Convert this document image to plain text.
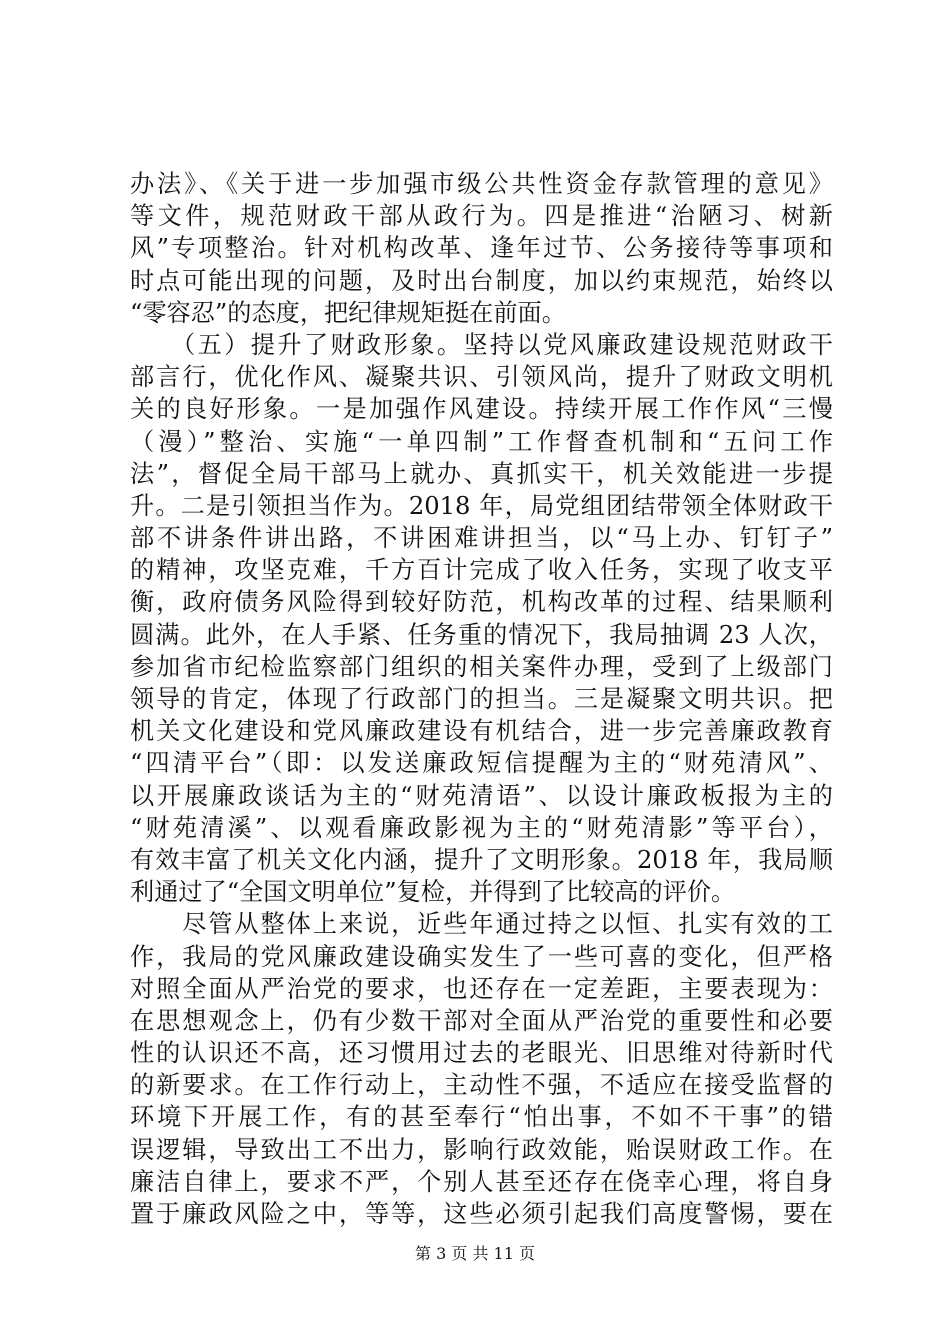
办法》、《关于进一步加强市级公共性资金存款管理的意见》
等文件，规范财政干部从政行为。四是推进“治陋习、树新
风”专项整治。针对机构改革、逢年过节、公务接待等事项和
时点可能出现的问题，及时出台制度，加以约束规范，始终以
“零容忍”的态度，把纪律规矩挺在前面。
　　（五）提升了财政形象。坚持以党风廉政建设规范财政干
部言行，优化作风、凝聚共识、引领风尚，提升了财政文明机
关的良好形象。一是加强作风建设。持续开展工作作风“三慢
（漫）”整治、实施“一单四制”工作督查机制和“五问工作
法”，督促全局干部马上就办、真抓实干，机关效能进一步提
升。二是引领担当作为。2018 年，局党组团结带领全体财政干
部不讲条件讲出路，不讲困难讲担当，以“马上办、钉钉子”
的精神，攻坚克难，千方百计完成了收入任务，实现了收支平
衡，政府债务风险得到较好防范，机构改革的过程、结果顺利
圆满。此外，在人手紧、任务重的情况下，我局抽调 23 人次，
参加省市纪检监察部门组织的相关案件办理，受到了上级部门
领导的肯定，体现了行政部门的担当。三是凝聚文明共识。把
机关文化建设和党风廉政建设有机结合，进一步完善廉政教育
“四清平台”（即：以发送廉政短信提醒为主的“财苑清风”、
以开展廉政谈话为主的“财苑清语”、以设计廉政板报为主的
“财苑清溪”、以观看廉政影视为主的“财苑清影”等平台），
有效丰富了机关文化内涵，提升了文明形象。2018 年，我局顺
利通过了“全国文明单位”复检，并得到了比较高的评价。
　　尽管从整体上来说，近些年通过持之以恒、扎实有效的工
作，我局的党风廉政建设确实发生了一些可喜的变化，但严格
对照全面从严治党的要求，也还存在一定差距，主要表现为：
在思想观念上，仍有少数干部对全面从严治党的重要性和必要
性的认识还不高，还习惯用过去的老眼光、旧思维对待新时代
的新要求。在工作行动上，主动性不强，不适应在接受监督的
环境下开展工作，有的甚至奉行“怕出事，不如不干事”的错
误逻辑，导致出工不出力，影响行政效能，贻误财政工作。在
廉洁自律上，要求不严，个别人甚至还存在侥幸心理，将自身
置于廉政风险之中，等等，这些必须引起我们高度警惕，要在
第 3 页 共 11 页
